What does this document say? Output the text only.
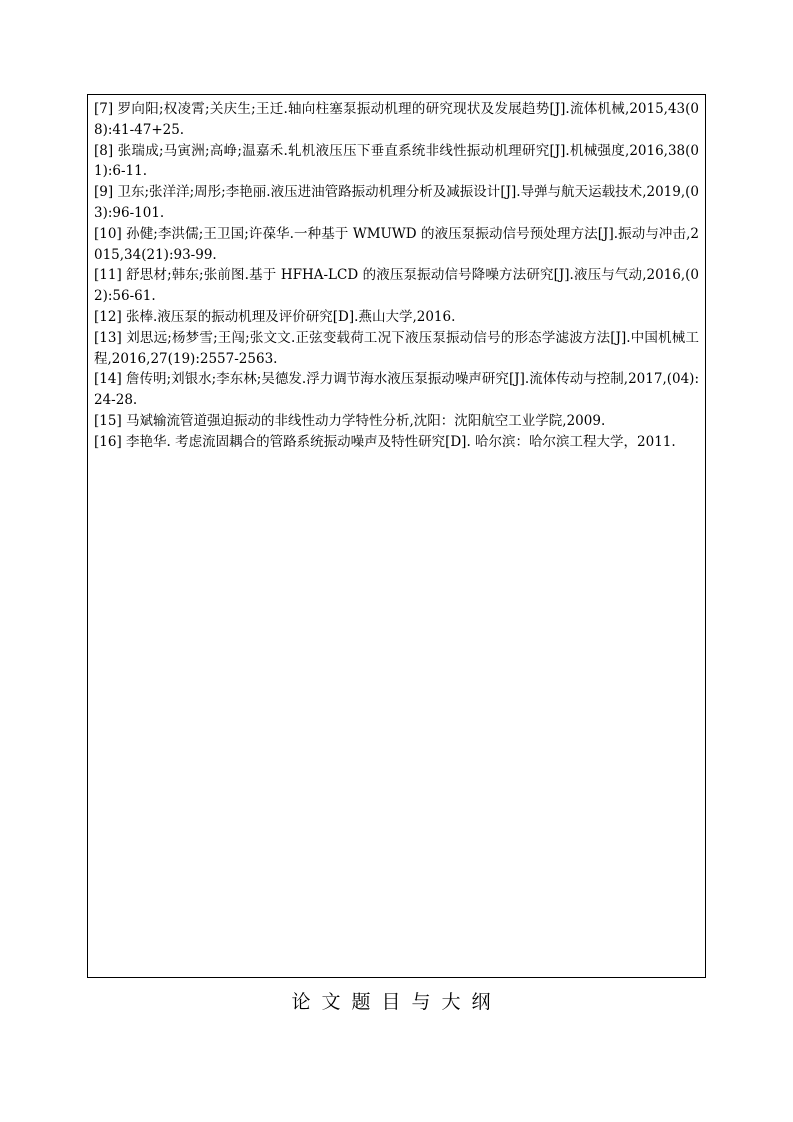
[7] 罗向阳;权凌霄;关庆生;王迁.轴向柱塞泵振动机理的研究现状及发展趋势[J].流体机械,2015,43(08):41-47+25.
[8] 张瑞成;马寅洲;高峥;温嘉禾.轧机液压压下垂直系统非线性振动机理研究[J].机械强度,2016,38(01):6-11.
[9] 卫东;张洋洋;周彤;李艳丽.液压进油管路振动机理分析及减振设计[J].导弹与航天运载技术,2019,(03):96-101.
[10] 孙健;李洪儒;王卫国;许葆华.一种基于 WMUWD 的液压泵振动信号预处理方法[J].振动与冲击,2015,34(21):93-99.
[11] 舒思材;韩东;张前图.基于 HFHA-LCD 的液压泵振动信号降噪方法研究[J].液压与气动,2016,(02):56-61.
[12] 张棒.液压泵的振动机理及评价研究[D].燕山大学,2016.
[13] 刘思远;杨梦雪;王闯;张文文.正弦变载荷工况下液压泵振动信号的形态学滤波方法[J].中国机械工程,2016,27(19):2557-2563.
[14] 詹传明;刘银水;李东林;吴德发.浮力调节海水液压泵振动噪声研究[J].流体传动与控制,2017,(04):24-28.
[15] 马斌输流管道强迫振动的非线性动力学特性分析,沈阳：沈阳航空工业学院,2009.
[16] 李艳华. 考虑流固耦合的管路系统振动噪声及特性研究[D]. 哈尔滨：哈尔滨工程大学，2011.
论文题目与大纲
